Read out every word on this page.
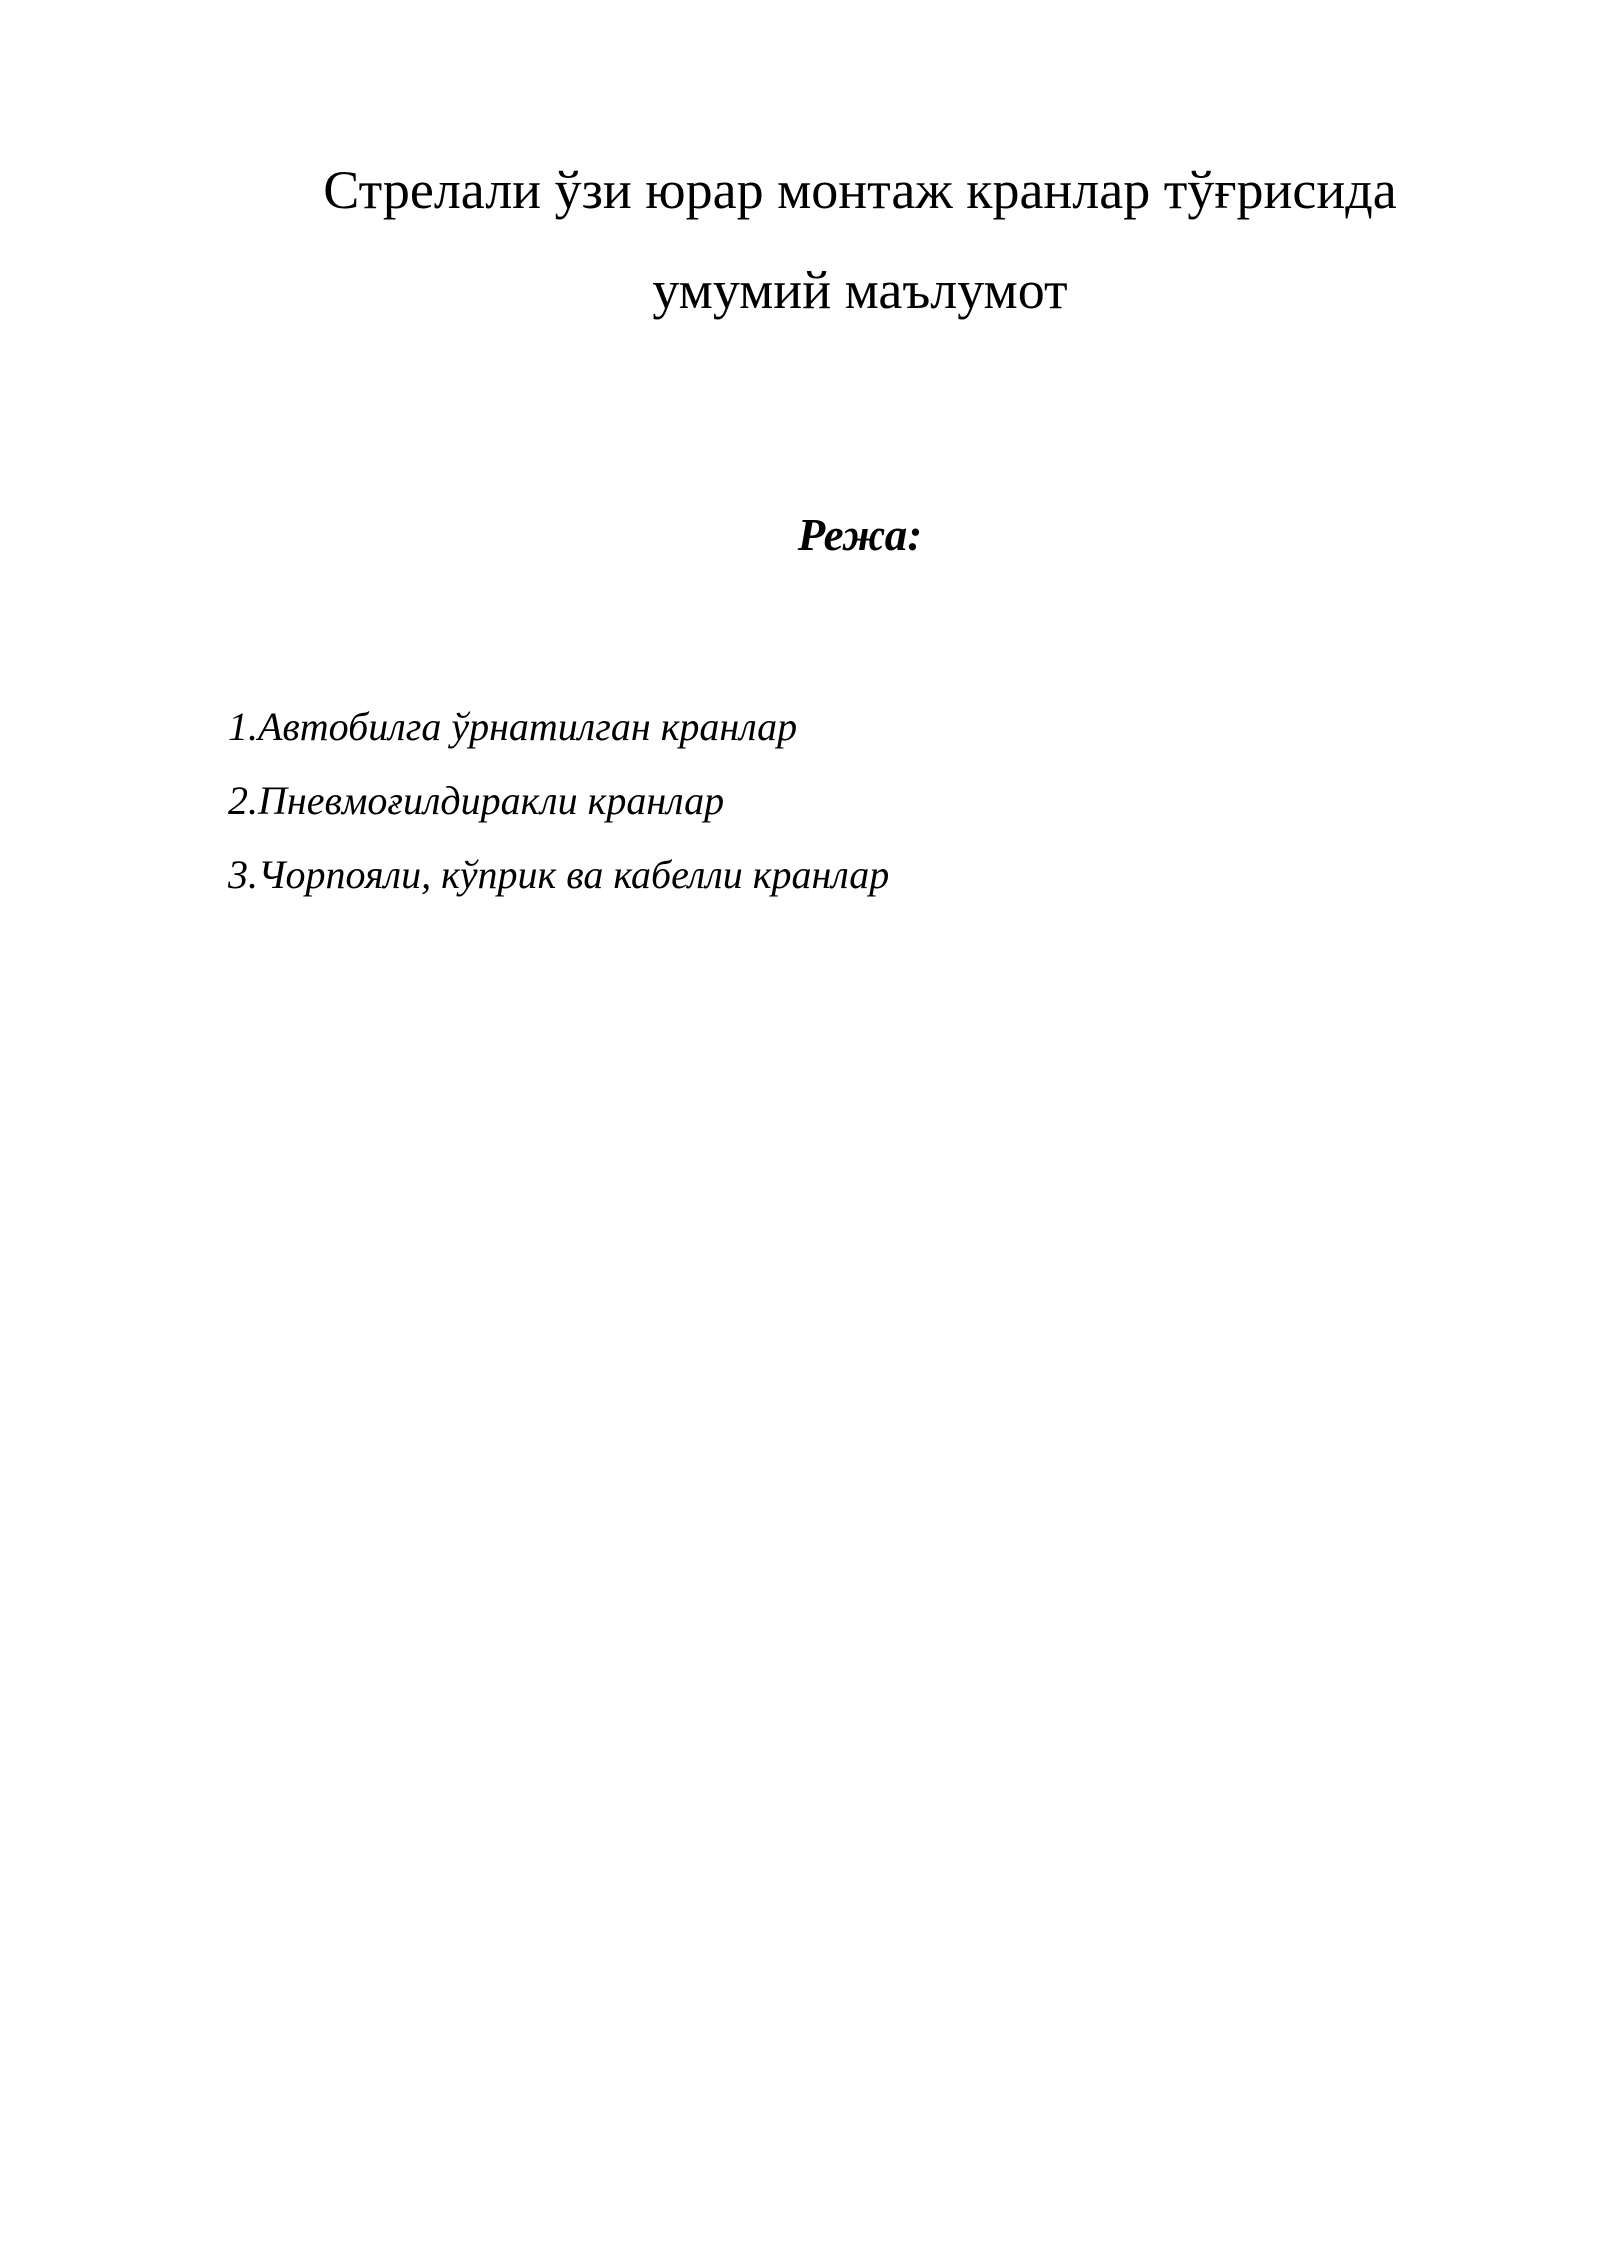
Стрелали ўзи юрар монтаж кранлар тўғрисида
умумий маълумот
Режа:
1.Автобилга ўрнатилган кранлар
2.Пневмоғилдиракли кранлар
3.Чорпояли, кўприк ва кабелли кранлар
